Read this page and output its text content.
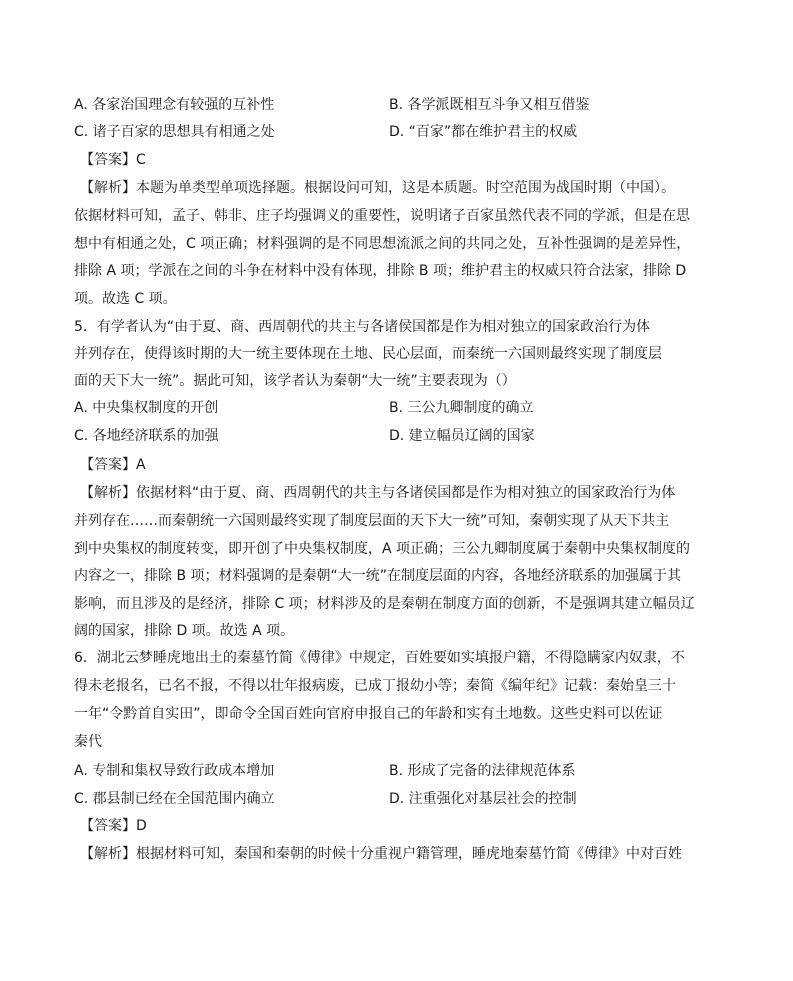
A. 各家治国理念有较强的互补性	B. 各学派既相互斗争又相互借鉴
C. 诸子百家的思想具有相通之处	D. “百家”都在维护君主的权威
【答案】C
【解析】本题为单类型单项选择题。根据设问可知，这是本质题。时空范围为战国时期（中国）。
依据材料可知，孟子、韩非、庄子均强调义的重要性，说明诸子百家虽然代表不同的学派，但是在思
想中有相通之处，C 项正确；材料强调的是不同思想流派之间的共同之处，互补性强调的是差异性，
排除 A 项；学派在之间的斗争在材料中没有体现，排除 B 项；维护君主的权威只符合法家，排除 D
项。故选 C 项。
5．有学者认为“由于夏、商、西周朝代的共主与各诸侯国都是作为相对独立的国家政治行为体
并列存在，使得该时期的大一统主要体现在土地、民心层面，而秦统一六国则最终实现了制度层
面的天下大一统”。据此可知，该学者认为秦朝“大一统”主要表现为（）
A. 中央集权制度的开创	B. 三公九卿制度的确立
C. 各地经济联系的加强	D. 建立幅员辽阔的国家
【答案】A
【解析】依据材料“由于夏、商、西周朝代的共主与各诸侯国都是作为相对独立的国家政治行为体
并列存在……而秦朝统一六国则最终实现了制度层面的天下大一统”可知，秦朝实现了从天下共主
到中央集权的制度转变，即开创了中央集权制度，A 项正确；三公九卿制度属于秦朝中央集权制度的
内容之一，排除 B 项；材料强调的是秦朝“大一统”在制度层面的内容，各地经济联系的加强属于其
影响，而且涉及的是经济，排除 C 项；材料涉及的是秦朝在制度方面的创新，不是强调其建立幅员辽
阔的国家，排除 D 项。故选 A 项。
6．湖北云梦睡虎地出土的秦墓竹简《傅律》中规定，百姓要如实填报户籍，不得隐瞒家内奴隶，不
得未老报名，已名不报，不得以壮年报病废，已成丁报幼小等；秦简《编年纪》记载：秦始皇三十
一年“令黔首自实田”，即命令全国百姓向官府申报自己的年龄和实有土地数。这些史料可以佐证
秦代
A. 专制和集权导致行政成本增加	B. 形成了完备的法律规范体系
C. 郡县制已经在全国范围内确立	D. 注重强化对基层社会的控制
【答案】D
【解析】根据材料可知，秦国和秦朝的时候十分重视户籍管理，睡虎地秦墓竹简《傅律》中对百姓
